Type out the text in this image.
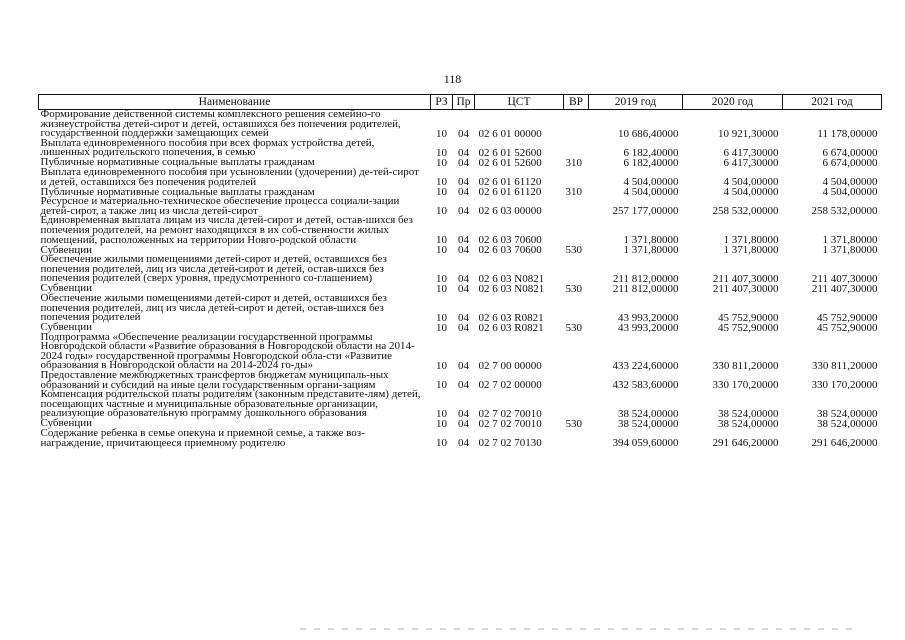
118
Наименование	РЗ	Пр	ЦСТ	ВР	2019 год	2020 год	2021 год
Формирование действенной системы комплексного решения семейно-го жизнеустройства детей-сирот и детей, оставшихся без попечения родителей, государственной поддержки замещающих семей	10	04	02 6 01 00000		10 686,40000	10 921,30000	11 178,00000
Выплата единовременного пособия при всех формах устройства детей, лишенных родительского попечения, в семью	10	04	02 6 01 52600		6 182,40000	6 417,30000	6 674,00000
Публичные нормативные социальные выплаты гражданам	10	04	02 6 01 52600	310	6 182,40000	6 417,30000	6 674,00000
Выплата единовременного пособия при усыновлении (удочерении) де-тей-сирот и детей, оставшихся без попечения родителей	10	04	02 6 01 61120		4 504,00000	4 504,00000	4 504,00000
Публичные нормативные социальные выплаты гражданам	10	04	02 6 01 61120	310	4 504,00000	4 504,00000	4 504,00000
Ресурсное и материально-техническое обеспечение процесса социали-зации детей-сирот, а также лиц из числа детей-сирот	10	04	02 6 03 00000		257 177,00000	258 532,00000	258 532,00000
Единовременная выплата лицам из числа детей-сирот и детей, остав-шихся без попечения родителей, на ремонт находящихся в их соб-ственности жилых помещений, расположенных на территории Новго-родской области	10	04	02 6 03 70600		1 371,80000	1 371,80000	1 371,80000
Субвенции	10	04	02 6 03 70600	530	1 371,80000	1 371,80000	1 371,80000
Обеспечение жилыми помещениями детей-сирот и детей, оставшихся без попечения родителей, лиц из числа детей-сирот и детей, остав-шихся без попечения родителей (сверх уровня, предусмотренного со-глашением)	10	04	02 6 03 N0821		211 812,00000	211 407,30000	211 407,30000
Субвенции	10	04	02 6 03 N0821	530	211 812,00000	211 407,30000	211 407,30000
Обеспечение жилыми помещениями детей-сирот и детей, оставшихся без попечения родителей, лиц из числа детей-сирот и детей, остав-шихся без попечения родителей	10	04	02 6 03 R0821		43 993,20000	45 752,90000	45 752,90000
Субвенции	10	04	02 6 03 R0821	530	43 993,20000	45 752,90000	45 752,90000
Подпрограмма «Обеспечение реализации государственной программы Новгородской области «Развитие образования в Новгородской области на 2014-2024 годы» государственной программы Новгородской обла-сти «Развитие образования в Новгородской области на 2014-2024 го-ды»	10	04	02 7 00 00000		433 224,60000	330 811,20000	330 811,20000
Предоставление межбюджетных трансфертов бюджетам муниципаль-ных образований и субсидий на иные цели государственным органи-зациям	10	04	02 7 02 00000		432 583,60000	330 170,20000	330 170,20000
Компенсация родительской платы родителям (законным представите-лям) детей, посещающих частные и муниципальные образовательные организации, реализующие образовательную программу дошкольного образования	10	04	02 7 02 70010		38 524,00000	38 524,00000	38 524,00000
Субвенции	10	04	02 7 02 70010	530	38 524,00000	38 524,00000	38 524,00000
Содержание ребенка в семье опекуна и приемной семье, а также воз-награждение, причитающееся приемному родителю	10	04	02 7 02 70130		394 059,60000	291 646,20000	291 646,20000
